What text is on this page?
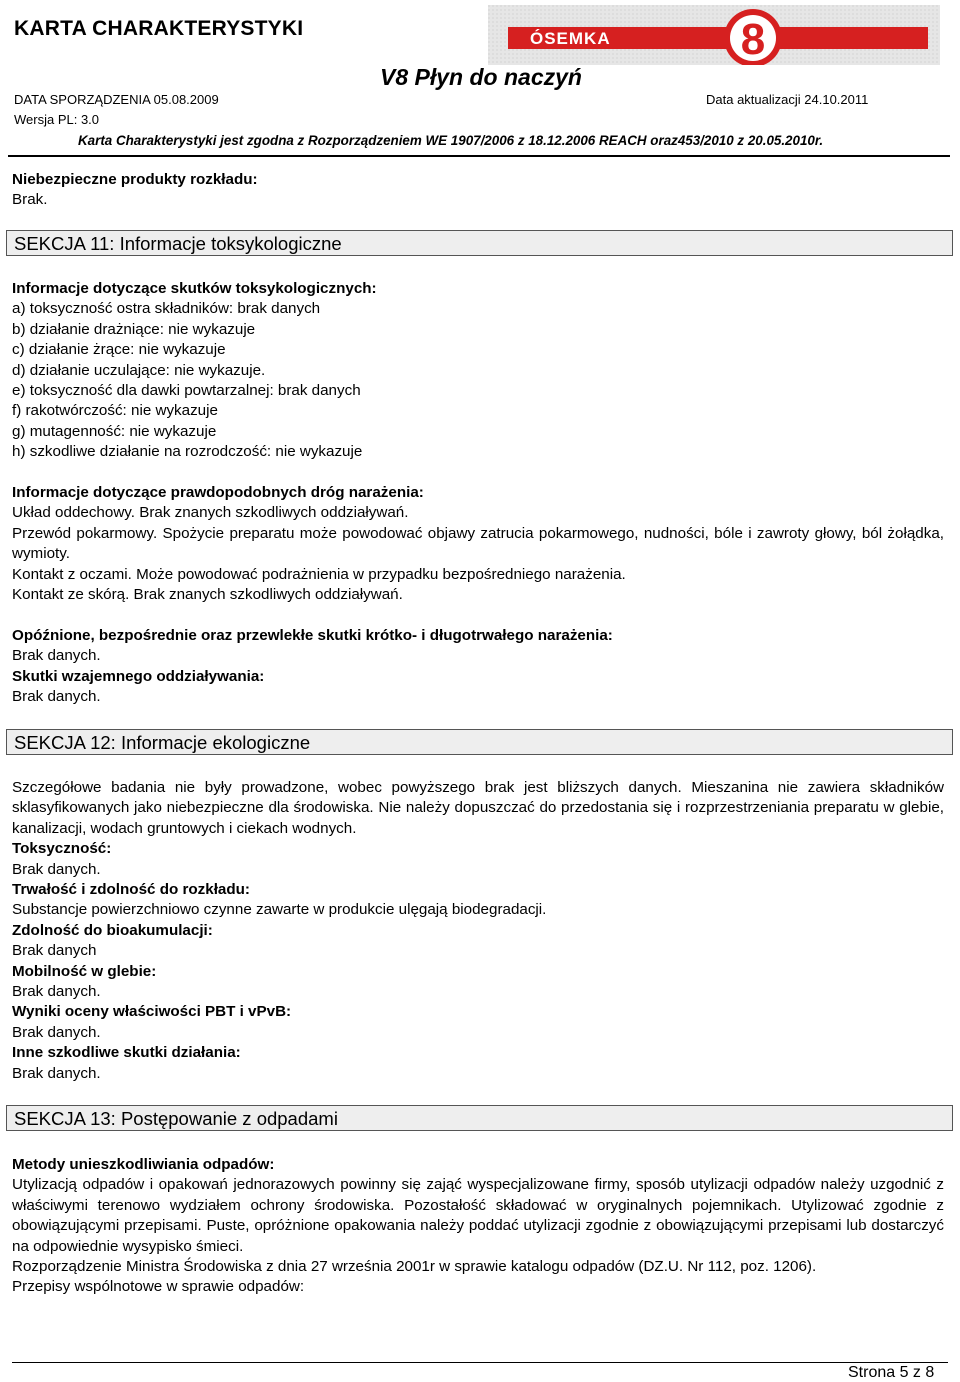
KARTA CHARAKTERYSTYKI	ÓSEMKA	8
V8 Płyn do naczyń
DATA SPORZĄDZENIA 05.08.2009	Data aktualizacji 24.10.2011
Wersja PL: 3.0
Karta Charakterystyki jest zgodna z Rozporządzeniem WE 1907/2006 z 18.12.2006 REACH oraz453/2010 z 20.05.2010r.

Niebezpieczne produkty rozkładu:

Brak.

SEKCJA 11: Informacje toksykologiczne

Informacje dotyczące skutków toksykologicznych:

a) toksyczność ostra składników: brak danych

b) działanie drażniące: nie wykazuje

c) działanie żrące: nie wykazuje

d) działanie uczulające: nie wykazuje.

e) toksyczność dla dawki powtarzalnej: brak danych

f) rakotwórczość: nie wykazuje

g) mutagenność: nie wykazuje

h) szkodliwe działanie na rozrodczość: nie wykazuje

Informacje dotyczące prawdopodobnych dróg narażenia:

Układ oddechowy. Brak znanych szkodliwych oddziaływań.

Przewód pokarmowy. Spożycie preparatu może powodować objawy zatrucia pokarmowego, nudności, bóle i zawroty głowy, ból żołądka, wymioty.

Kontakt z oczami. Może powodować podrażnienia w przypadku bezpośredniego narażenia.

Kontakt ze skórą. Brak znanych szkodliwych oddziaływań.

Opóźnione, bezpośrednie oraz przewlekłe skutki krótko- i długotrwałego narażenia:

Brak danych.

Skutki wzajemnego oddziaływania:

Brak danych.

SEKCJA 12: Informacje ekologiczne

Szczegółowe badania nie były prowadzone, wobec powyższego brak jest bliższych danych. Mieszanina nie zawiera składników sklasyfikowanych jako niebezpieczne dla środowiska. Nie należy dopuszczać do przedostania się i rozprzestrzeniania preparatu w glebie, kanalizacji, wodach gruntowych i ciekach wodnych.

Toksyczność:

Brak danych.

Trwałość i zdolność do rozkładu:

Substancje powierzchniowo czynne zawarte w produkcie ulęgają biodegradacji.

Zdolność do bioakumulacji:

Brak danych

Mobilność w glebie:

Brak danych.

Wyniki oceny właściwości PBT i vPvB:

Brak danych.

Inne szkodliwe skutki działania:

Brak danych.

SEKCJA 13: Postępowanie z odpadami

Metody unieszkodliwiania odpadów:

Utylizacją odpadów i opakowań jednorazowych powinny się zająć wyspecjalizowane firmy, sposób utylizacji odpadów należy uzgodnić z właściwymi terenowo wydziałem ochrony środowiska. Pozostałość składować w oryginalnych pojemnikach. Utylizować zgodnie z obowiązującymi przepisami. Puste, opróżnione opakowania należy poddać utylizacji zgodnie z obowiązującymi przepisami lub dostarczyć na odpowiednie wysypisko śmieci.

Rozporządzenie Ministra Środowiska z dnia 27 września 2001r w sprawie katalogu odpadów (DZ.U. Nr 112, poz. 1206).

Przepisy wspólnotowe w sprawie odpadów:

Strona 5 z 8
